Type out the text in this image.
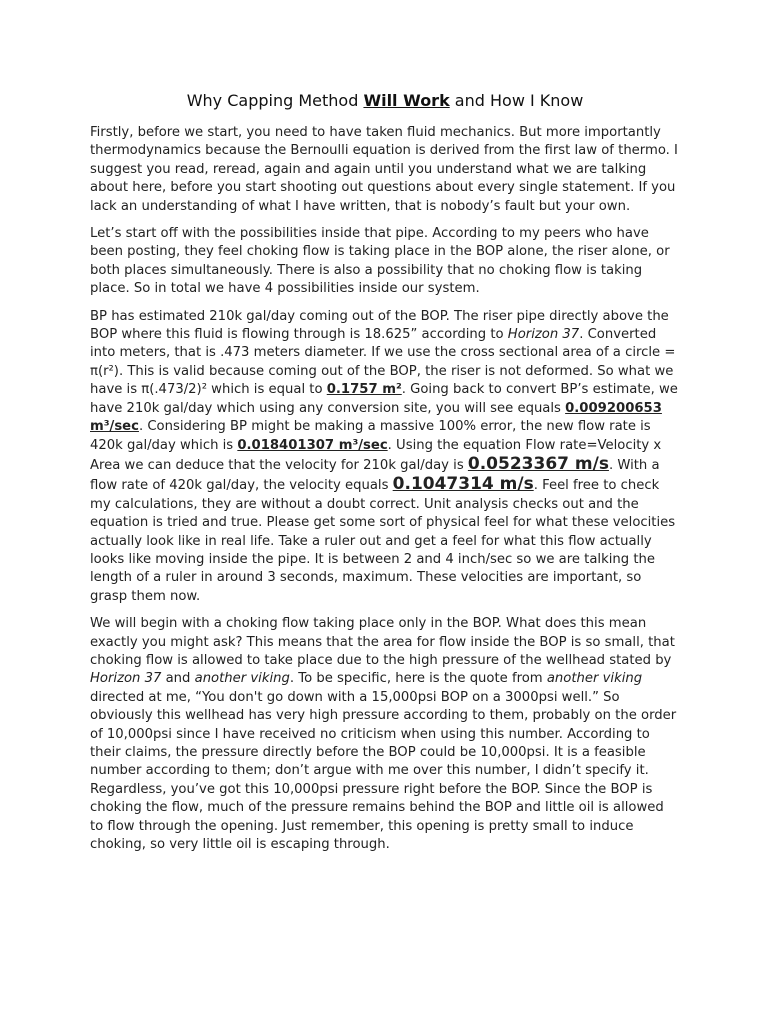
Why Capping Method Will Work and How I Know

Firstly, before we start, you need to have taken fluid mechanics. But more importantly thermodynamics because the Bernoulli equation is derived from the first law of thermo. I suggest you read, reread, again and again until you understand what we are talking about here, before you start shooting out questions about every single statement. If you lack an understanding of what I have written, that is nobody’s fault but your own.

Let’s start off with the possibilities inside that pipe. According to my peers who have been posting, they feel choking flow is taking place in the BOP alone, the riser alone, or both places simultaneously. There is also a possibility that no choking flow is taking place. So in total we have 4 possibilities inside our system.

BP has estimated 210k gal/day coming out of the BOP. The riser pipe directly above the BOP where this fluid is flowing through is 18.625” according to Horizon 37. Converted into meters, that is .473 meters diameter. If we use the cross sectional area of a circle = π(r²). This is valid because coming out of the BOP, the riser is not deformed. So what we have is π(.473/2)² which is equal to 0.1757 m². Going back to convert BP’s estimate, we have 210k gal/day which using any conversion site, you will see equals 0.009200653 m³/sec. Considering BP might be making a massive 100% error, the new flow rate is 420k gal/day which is 0.018401307 m³/sec. Using the equation Flow rate=Velocity x Area we can deduce that the velocity for 210k gal/day is 0.0523367 m/s. With a flow rate of 420k gal/day, the velocity equals 0.1047314 m/s. Feel free to check my calculations, they are without a doubt correct. Unit analysis checks out and the equation is tried and true. Please get some sort of physical feel for what these velocities actually look like in real life. Take a ruler out and get a feel for what this flow actually looks like moving inside the pipe. It is between 2 and 4 inch/sec so we are talking the length of a ruler in around 3 seconds, maximum. These velocities are important, so grasp them now.

We will begin with a choking flow taking place only in the BOP. What does this mean exactly you might ask? This means that the area for flow inside the BOP is so small, that choking flow is allowed to take place due to the high pressure of the wellhead stated by Horizon 37 and another viking. To be specific, here is the quote from another viking directed at me, “You don't go down with a 15,000psi BOP on a 3000psi well.” So obviously this wellhead has very high pressure according to them, probably on the order of 10,000psi since I have received no criticism when using this number. According to their claims, the pressure directly before the BOP could be 10,000psi. It is a feasible number according to them; don’t argue with me over this number, I didn’t specify it. Regardless, you’ve got this 10,000psi pressure right before the BOP. Since the BOP is choking the flow, much of the pressure remains behind the BOP and little oil is allowed to flow through the opening. Just remember, this opening is pretty small to induce choking, so very little oil is escaping through.
